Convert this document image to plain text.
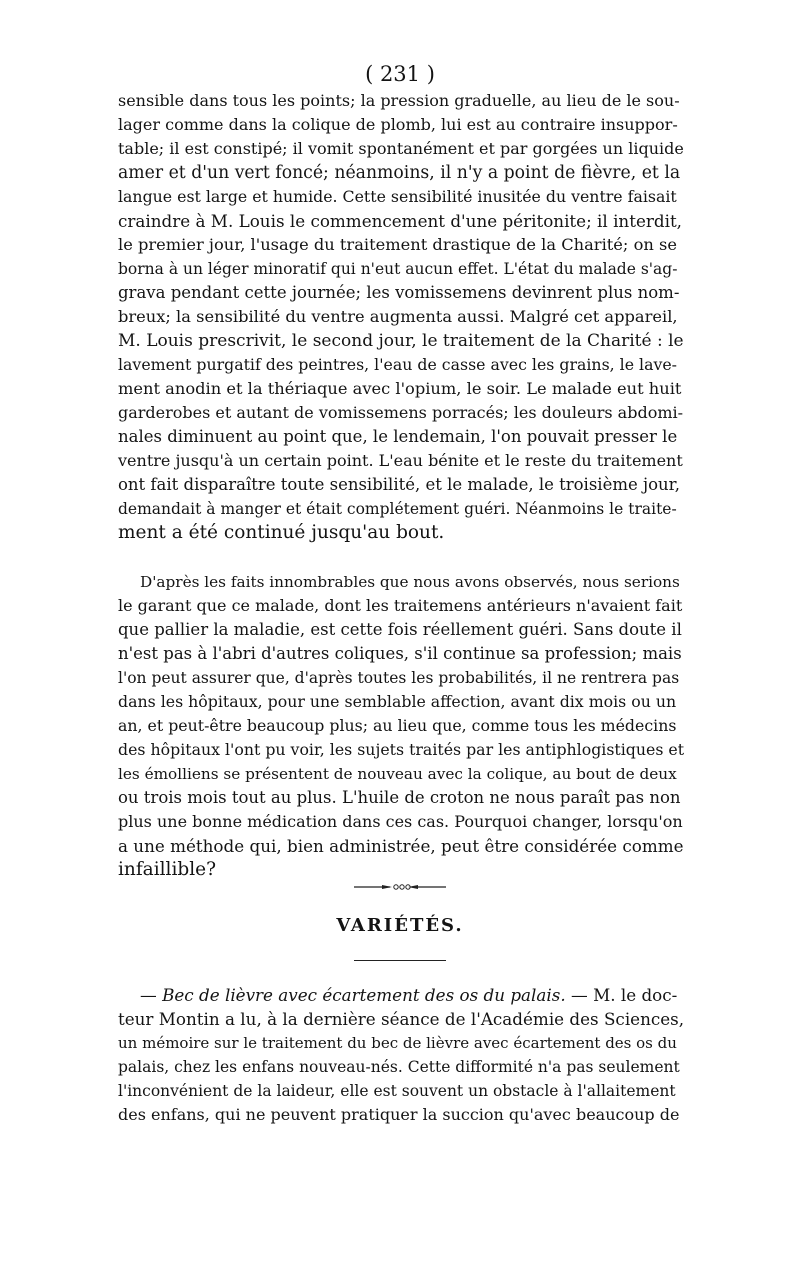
( 231 )
sensible dans tous les points; la pression graduelle, au lieu de le sou-
lager comme dans la colique de plomb, lui est au contraire insuppor-
table; il est constipé; il vomit spontanément et par gorgées un liquide
amer et d'un vert foncé; néanmoins, il n'y a point de fièvre, et la
langue est large et humide. Cette sensibilité inusitée du ventre faisait
craindre à M. Louis le commencement d'une péritonite; il interdit,
le premier jour, l'usage du traitement drastique de la Charité; on se
borna à un léger minoratif qui n'eut aucun effet. L'état du malade s'ag-
grava pendant cette journée; les vomissemens devinrent plus nom-
breux; la sensibilité du ventre augmenta aussi. Malgré cet appareil,
M. Louis prescrivit, le second jour, le traitement de la Charité : le
lavement purgatif des peintres, l'eau de casse avec les grains, le lave-
ment anodin et la thériaque avec l'opium, le soir. Le malade eut huit
garderobes et autant de vomissemens porracés; les douleurs abdomi-
nales diminuent au point que, le lendemain, l'on pouvait presser le
ventre jusqu'à un certain point. L'eau bénite et le reste du traitement
ont fait disparaître toute sensibilité, et le malade, le troisième jour,
demandait à manger et était complétement guéri. Néanmoins le traite-
ment a été continué jusqu'au bout.
D'après les faits innombrables que nous avons observés, nous serions
le garant que ce malade, dont les traitemens antérieurs n'avaient fait
que pallier la maladie, est cette fois réellement guéri. Sans doute il
n'est pas à l'abri d'autres coliques, s'il continue sa profession; mais
l'on peut assurer que, d'après toutes les probabilités, il ne rentrera pas
dans les hôpitaux, pour une semblable affection, avant dix mois ou un
an, et peut-être beaucoup plus; au lieu que, comme tous les médecins
des hôpitaux l'ont pu voir, les sujets traités par les antiphlogistiques et
les émolliens se présentent de nouveau avec la colique, au bout de deux
ou trois mois tout au plus. L'huile de croton ne nous paraît pas non
plus une bonne médication dans ces cas. Pourquoi changer, lorsqu'on
a une méthode qui, bien administrée, peut être considérée comme
infaillible?
VARIÉTÉS.
— Bec de lièvre avec écartement des os du palais. — M. le doc-
teur Montin a lu, à la dernière séance de l'Académie des Sciences,
un mémoire sur le traitement du bec de lièvre avec écartement des os du
palais, chez les enfans nouveau-nés. Cette difformité n'a pas seulement
l'inconvénient de la laideur, elle est souvent un obstacle à l'allaitement
des enfans, qui ne peuvent pratiquer la succion qu'avec beaucoup de
